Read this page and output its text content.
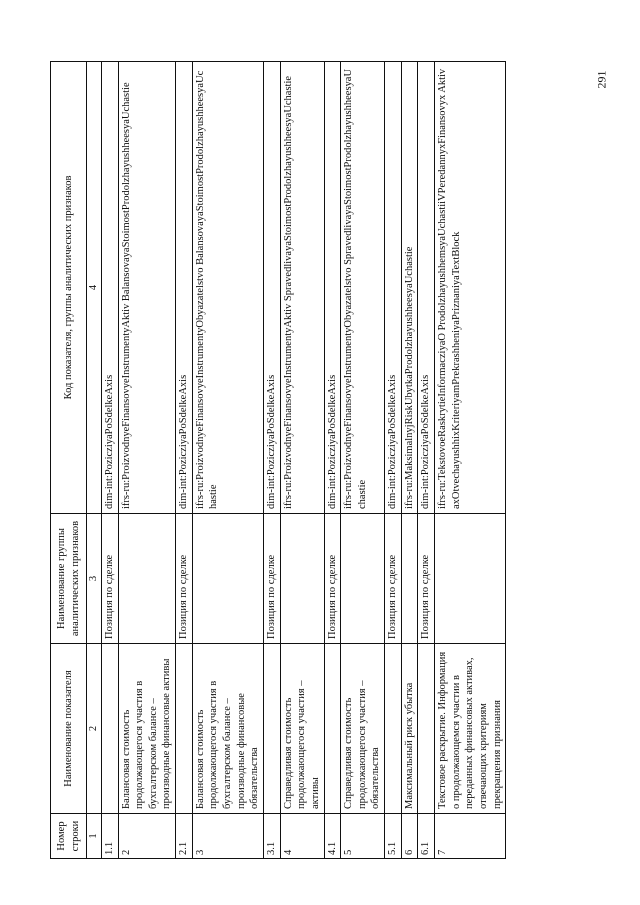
291
Номер строки	Наименование показателя	Наименование группы аналитических признаков	Код показателя, группы аналитических признаков
1	2	3	4
1.1		Позиция по сделке	dim-int:PozicziyaPoSdelkeAxis
2	Балансовая стоимость продолжающегося участия в бухгалтерском балансе – производные финансовые активы		ifrs-ru:ProizvodnyeFinansovyeInstrumentyAktiv BalansovayaStoimostProdolzhayushheesyaUchastie
2.1		Позиция по сделке	dim-int:PozicziyaPoSdelkeAxis
3	Балансовая стоимость продолжающегося участия в бухгалтерском балансе – производные финансовые обязательства		ifrs-ru:ProizvodnyeFinansovyeInstrumentyObyazatelstvo BalansovayaStoimostProdolzhayushheesyaUchastie
3.1		Позиция по сделке	dim-int:PozicziyaPoSdelkeAxis
4	Справедливая стоимость продолжающегося участия – активы		ifrs-ru:ProizvodnyeFinansovyeInstrumentyAktiv SpravedlivayaStoimostProdolzhayushheesyaUchastie
4.1		Позиция по сделке	dim-int:PozicziyaPoSdelkeAxis
5	Справедливая стоимость продолжающегося участия – обязательства		ifrs-ru:ProizvodnyeFinansovyeInstrumentyObyazatelstvo SpravedlivayaStoimostProdolzhayushheesyaUchastie
5.1		Позиция по сделке	dim-int:PozicziyaPoSdelkeAxis
6	Максимальный риск убытка		ifrs-ru:MaksimalnyjRiskUbytkaProdolzhayushheesyaUchastie
6.1		Позиция по сделке	dim-int:PozicziyaPoSdelkeAxis
7	Текстовое раскрытие. Информация о продолжающемся участии в переданных финансовых активах, отвечающих критериям прекращения признания		ifrs-ru:TekstovoeRaskrytieInformacziyaO ProdolzhayushhemsyaUchastiiVPeredannyxFinansovyx AktivaxOtvechayushhixKriteriyamPrekrashheniyaPriznaniyaTextBlock
